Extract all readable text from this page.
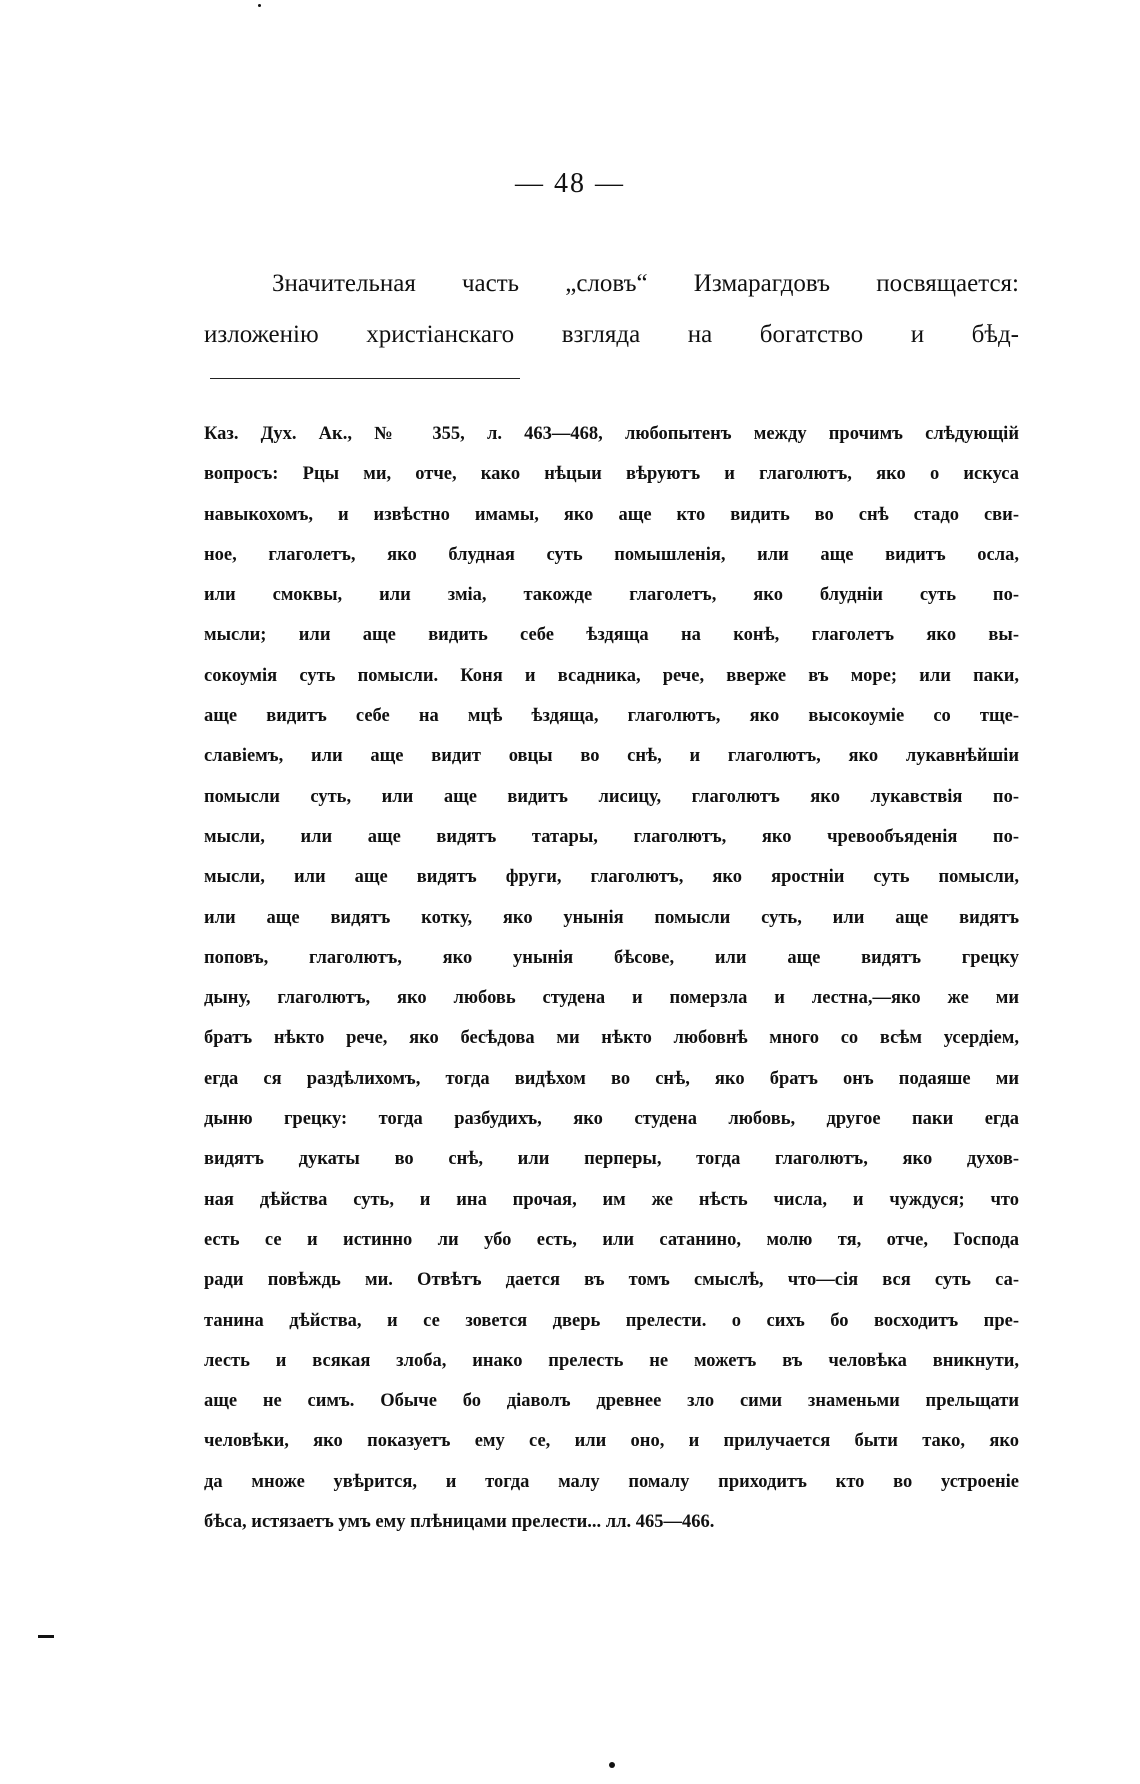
— 48 —

Значительная часть „словъ“ Измарагдовъ посвящается:
изложенію христіанскаго взгляда на богатство и бѣд-

Каз. Дух. Ак., № 355, л. 463—468, любопытенъ между прочимъ слѣдующій
вопросъ: Рцы ми, отче, како нѣцыи вѣруютъ и глаголютъ, яко о искуса
навыкохомъ, и извѣстно имамы, яко аще кто видить во снѣ стадо сви-
ное, глаголетъ, яко блудная суть помышленія, или аще видитъ осла,
или смоквы, или зміа, такожде глаголетъ, яко блудніи суть по-
мысли; или аще видить себе ѣздяща на конѣ, глаголетъ яко вы-
сокоумія суть помысли. Коня и всадника, рече, вверже въ море; или паки,
аще видитъ себе на мцѣ ѣздяща, глаголютъ, яко высокоуміе со тще-
славіемъ, или аще видит овцы во снѣ, и глаголютъ, яко лукавнѣйшіи
помысли суть, или аще видитъ лисицу, глаголютъ яко лукавствія по-
мысли, или аще видятъ татары, глаголютъ, яко чревообъяденія по-
мысли, или аще видятъ фруги, глаголютъ, яко яростніи суть помысли,
или аще видятъ котку, яко унынія помысли суть, или аще видятъ
поповъ, глаголютъ, яко унынія бѣсове, или аще видятъ грецку
дыну, глаголютъ, яко любовь студена и померзла и лестна,—яко же ми
братъ нѣкто рече, яко бесѣдова ми нѣкто любовнѣ много со всѣм усердіем,
егда ся раздѣлихомъ, тогда видѣхом во снѣ, яко братъ онъ подаяше ми
дыню грецку: тогда разбудихъ, яко студена любовь, другое паки егда
видятъ дукаты во снѣ, или перперы, тогда глаголютъ, яко духов-
ная дѣйства суть, и ина прочая, им же нѣсть числа, и чуждуся; что
есть се и истинно ли убо есть, или сатанино, молю тя, отче, Господа
ради повѣждь ми. Отвѣтъ дается въ томъ смыслѣ, что—сія вся суть са-
танина дѣйства, и се зовется дверь прелести. о сихъ бо восходитъ пре-
лесть и всякая злоба, инако прелесть не можетъ въ человѣка вникнути,
аще не симъ. Обыче бо діаволъ древнее зло сими знаменьми прельщати
человѣки, яко показуетъ ему се, или оно, и прилучается быти тако, яко
да множе увѣрится, и тогда малу помалу приходитъ кто во устроеніе
бѣса, истязаетъ умъ ему плѣницами прелести... лл. 465—466.
